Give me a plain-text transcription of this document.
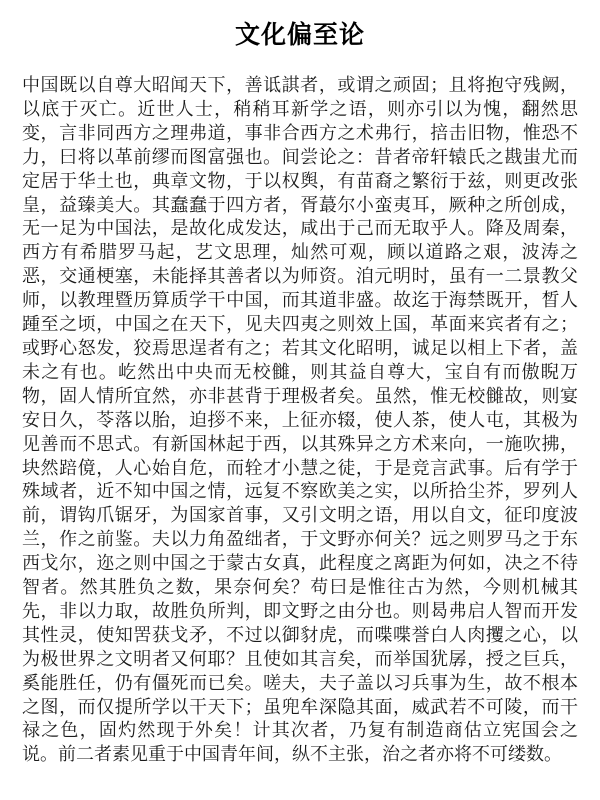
文化偏至论
中国既以自尊大昭闻天下，善诋諆者，或谓之顽固；且将抱守残阙，以底于灭亡。近世人士，稍稍耳新学之语，则亦引以为愧，翻然思变，言非同西方之理弗道，事非合西方之术弗行，掊击旧物，惟恐不力，曰将以革前缪而图富强也。间尝论之：昔者帝轩辕氏之戡蚩尤而定居于华土也，典章文物，于以权舆，有苗裔之繁衍于兹，则更改张皇，益臻美大。其蠢蠢于四方者，胥蕞尔小蛮夷耳，厥种之所创成，无一足为中国法，是故化成发达，咸出于己而无取乎人。降及周秦，西方有希腊罗马起，艺文思理，灿然可观，顾以道路之艰，波涛之恶，交通梗塞，未能择其善者以为师资。洎元明时，虽有一二景教父师，以教理暨历算质学干中国，而其道非盛。故迄于海禁既开，晳人踵至之顷，中国之在天下，见夫四夷之则效上国，革面来宾者有之；或野心怒发，狡焉思逞者有之；若其文化昭明，诚足以相上下者，盖未之有也。屹然出中央而无校雠，则其益自尊大，宝自有而傲睨万物，固人情所宜然，亦非甚背于理极者矣。虽然，惟无校雠故，则宴安日久，苓落以胎，迫拶不来，上征亦辍，使人茶，使人屯，其极为见善而不思式。有新国林起于西，以其殊异之方术来向，一施吹拂，块然踣傹，人心始自危，而辁才小慧之徒，于是竞言武事。后有学于殊域者，近不知中国之情，远复不察欧美之实，以所拾尘芥，罗列人前，谓钩爪锯牙，为国家首事，又引文明之语，用以自文，征印度波兰，作之前鉴。夫以力角盈绌者，于文野亦何关？远之则罗马之于东西戈尔，迩之则中国之于蒙古女真，此程度之离距为何如，决之不待智者。然其胜负之数，果奈何矣？苟曰是惟往古为然，今则机械其先，非以力取，故胜负所判，即文野之由分也。则曷弗启人智而开发其性灵，使知罟获戈矛，不过以御豺虎，而喋喋誉白人肉攫之心，以为极世界之文明者又何耶？且使如其言矣，而举国犹孱，授之巨兵，奚能胜任，仍有僵死而已矣。嗟夫，夫子盖以习兵事为生，故不根本之图，而仅提所学以干天下；虽兜牟深隐其面，威武若不可陵，而干禄之色，固灼然现于外矣！计其次者，乃复有制造商估立宪国会之说。前二者素见重于中国青年间，纵不主张，治之者亦将不可缕数。
